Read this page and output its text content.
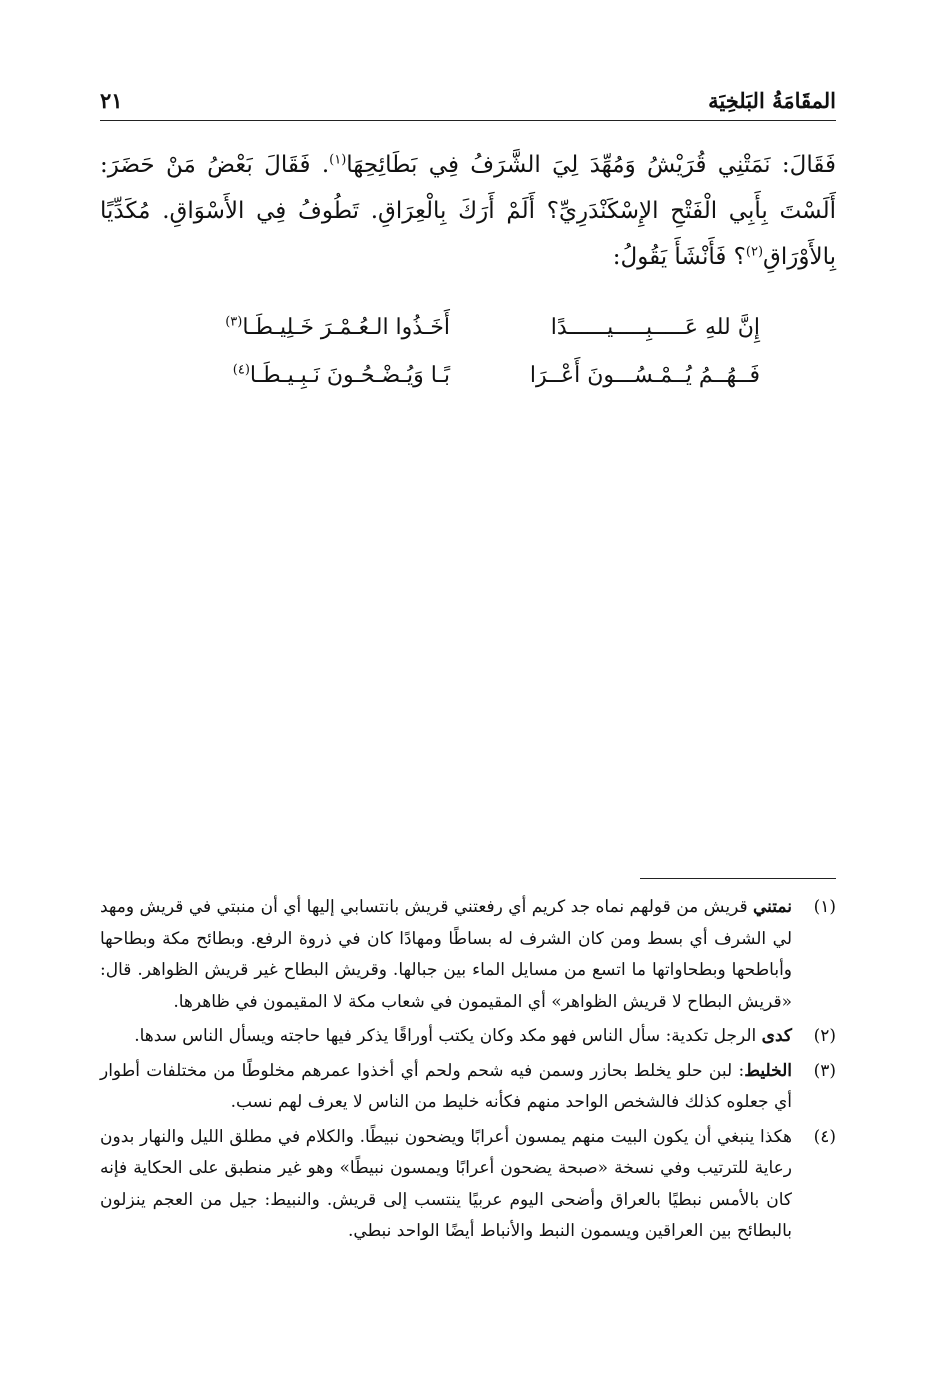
المقَامَةُ البَلخِيَة
٢١

فَقَالَ: نَمَتْنِي قُرَيْشُ وَمُهِّدَ لِيَ الشَّرَفُ فِي بَطَائِحِهَا$^{(١)}$. فَقَالَ بَعْضُ مَنْ حَضَرَ: أَلَسْتَ بِأَبِي الْفَتْحِ الإِسْكَنْدَرِيِّ؟ أَلَمْ أَرَكَ بِالْعِرَاقِ. تَطُوفُ فِي الأَسْوَاقِ. مُكَدِّيًا بِالأَوْرَاقِ$^{(٢)}$؟ فَأَنْشَأَ يَقُولُ:

إِنَّ للهِ عَـــــبِـــــيــــــدًا
أَخَـذُوا الـعُـمْـرَ خَـلِيـطَـا$^{(٣)}$
فَــهُــمُ يُــمْـسُـــونَ أَعْــرَا
بًـا وَيُـضْـحُـونَ نَـبِـيـطَـا$^{(٤)}$
(١)
نمتني قريش من قولهم نماه جد كريم أي رفعتني قريش بانتسابي إليها أي أن منبتي في قريش ومهد لي الشرف أي بسط ومن كان الشرف له بساطًا ومهادًا كان في ذروة الرفع. وبطائح مكة وبطاحها وأباطحها وبطحاواتها ما اتسع من مسايل الماء بين جبالها. وقريش البطاح غير قريش الظواهر. قال: «قريش البطاح لا قريش الظواهر» أي المقيمون في شعاب مكة لا المقيمون في ظاهرها.
(٢)
كدى الرجل تكدية: سأل الناس فهو مكد وكان يكتب أوراقًا يذكر فيها حاجته ويسأل الناس سدها.
(٣)
الخليط: لبن حلو يخلط بحازر وسمن فيه شحم ولحم أي أخذوا عمرهم مخلوطًا من مختلفات أطوار أي جعلوه كذلك فالشخص الواحد منهم فكأنه خليط من الناس لا يعرف لهم نسب.
(٤)
هكذا ينبغي أن يكون البيت منهم يمسون أعرابًا ويضحون نبيطًا. والكلام في مطلق الليل والنهار بدون رعاية للترتيب وفي نسخة «صبحة يضحون أعرابًا ويمسون نبيطًا» وهو غير منطبق على الحكاية فإنه كان بالأمس نبطيًا بالعراق وأضحى اليوم عربيًا ينتسب إلى قريش. والنبيط: جيل من العجم ينزلون بالبطائح بين العراقين ويسمون النبط والأنباط أيضًا الواحد نبطي.
